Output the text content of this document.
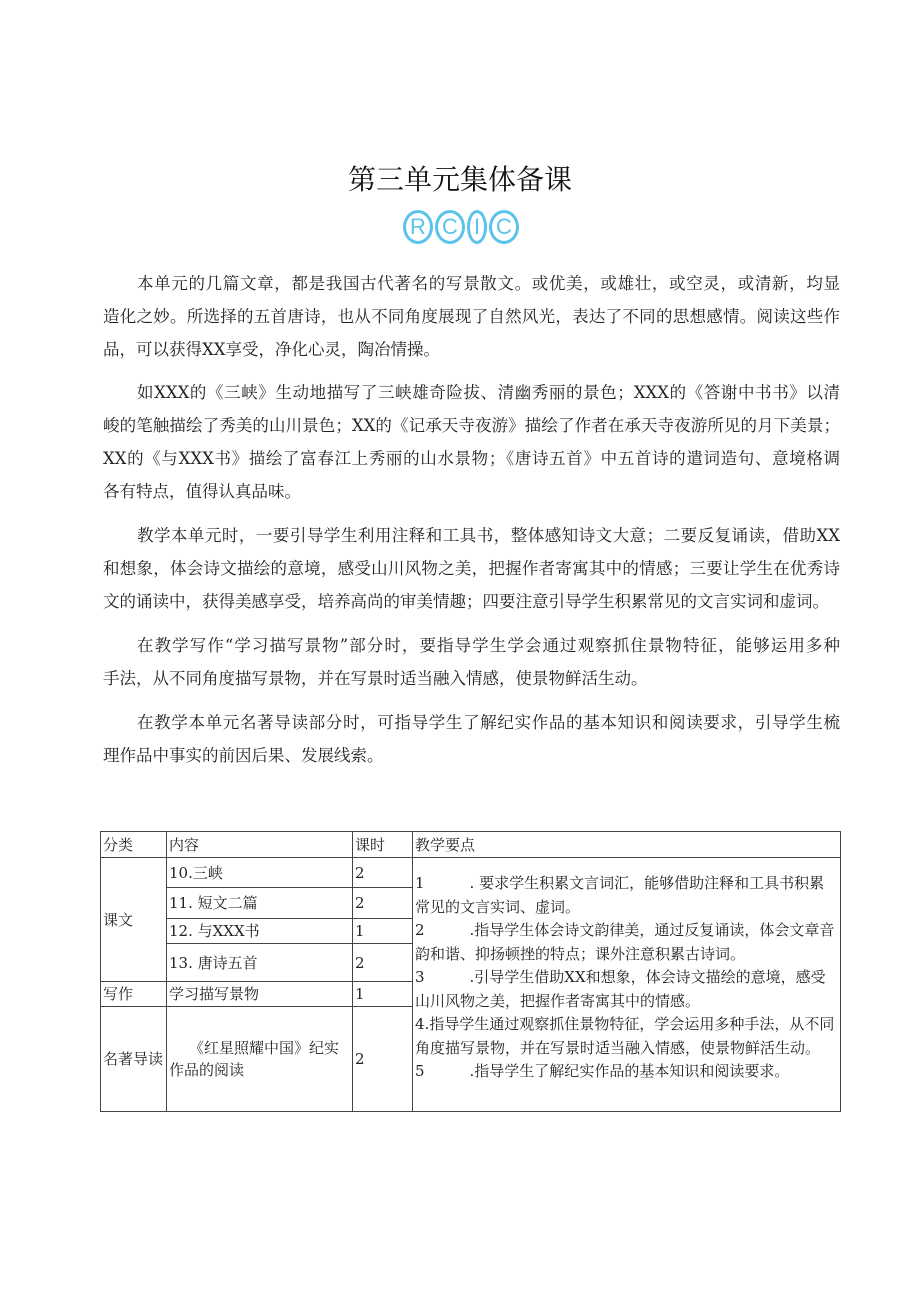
第三单元集体备课
R C I C
本单元的几篇文章，都是我国古代著名的写景散文。或优美，或雄壮，或空灵，或清新，均显
造化之妙。所选择的五首唐诗，也从不同角度展现了自然风光，表达了不同的思想感情。阅读这些作
品，可以获得XX享受，净化心灵，陶冶情操。
如XXX的《三峡》生动地描写了三峡雄奇险拔、清幽秀丽的景色；XXX的《答谢中书书》以清
峻的笔触描绘了秀美的山川景色；XX的《记承天寺夜游》描绘了作者在承天寺夜游所见的月下美景；
XX的《与XXX书》描绘了富春江上秀丽的山水景物；《唐诗五首》中五首诗的遣词造句、意境格调
各有特点，值得认真品味。
教学本单元时，一要引导学生利用注释和工具书，整体感知诗文大意；二要反复诵读，借助XX
和想象，体会诗文描绘的意境，感受山川风物之美，把握作者寄寓其中的情感；三要让学生在优秀诗
文的诵读中，获得美感享受，培养高尚的审美情趣；四要注意引导学生积累常见的文言实词和虚词。
在教学写作“学习描写景物”部分时，要指导学生学会通过观察抓住景物特征，能够运用多种
手法，从不同角度描写景物，并在写景时适当融入情感，使景物鲜活生动。
在教学本单元名著导读部分时，可指导学生了解纪实作品的基本知识和阅读要求，引导学生梳
理作品中事实的前因后果、发展线索。
分类	内容	课时	教学要点
课文	10.三峡	2	1　　　. 要求学生积累文言词汇，能够借助注释和工具书积累常见的文言实词、虚词。
2　　　.指导学生体会诗文韵律美，通过反复诵读，体会文章音韵和谐、抑扬顿挫的特点；课外注意积累古诗词。
3　　　.引导学生借助XX和想象，体会诗文描绘的意境，感受山川风物之美，把握作者寄寓其中的情感。
4.指导学生通过观察抓住景物特征，学会运用多种手法，从不同角度描写景物，并在写景时适当融入情感，使景物鲜活生动。
5　　　.指导学生了解纪实作品的基本知识和阅读要求。

	11. 短文二篇	2	
	12. 与XXX书	1	
	13. 唐诗五首	2	
写作	学习描写景物	1	
名著导读	《红星照耀中国》纪实作品的阅读	2	
